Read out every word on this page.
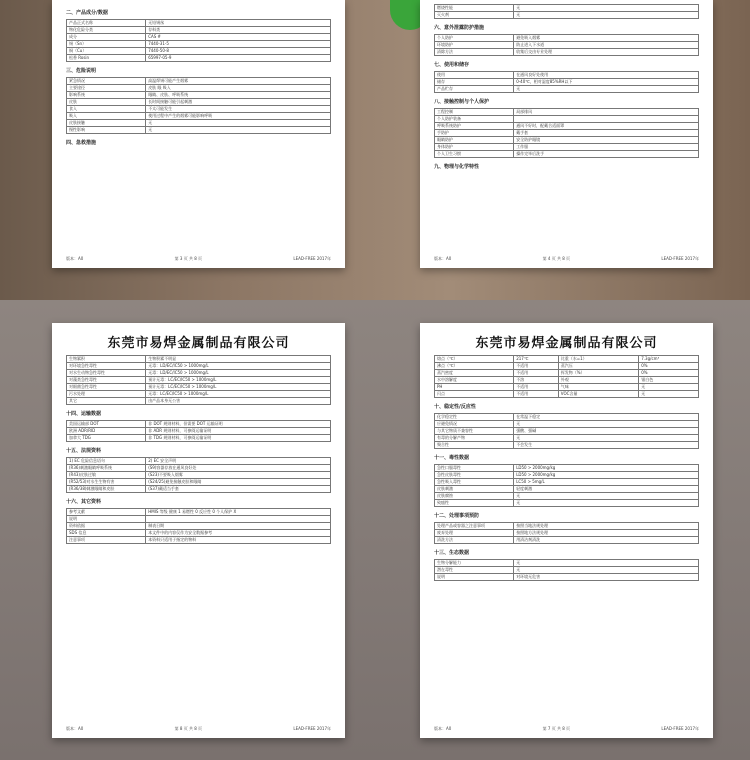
二、产品成分/数据
产品正式名称	无铅锡丝
物化危险分类	存料类
成分	CAS #
锡（Sn）	7440-31-5
铜（Cu）	7440-50-8
松香 Rosin	65997-05-9
三、危险说明
紧急情况	高温焊锡可能产生烟雾
主要途径	皮肤 眼 吸入
影响系统	眼睛、皮肤、呼吸系统
皮肤	长时间接触可能引起刺激
食入	不太可能发生
吸入	使用过程中产生的烟雾可能影响呼吸
皮肤接触	无
慢性影响	无
四、急救措施
版本：A0	第 3 页 共 8 页	LEAD-FREE 2017年
燃烧性能	无
灭火剂	无
六、意外泄露防护措施
个人防护	避免吸入烟雾
环境防护	防止进入下水道
清除方法	收集后交由专业处理
七、使用和储存
使用	在通风良好处使用
储存	0-40℃，相对湿度85%RH以下
产品贮存	无
八、接触控制与个人保护
工程控制	局部排风
个人防护装备	
呼吸系统防护	通风不好时，配戴合适面罩
手防护	戴手套
眼睛防护	安全防护眼镜
身体防护	工作服
个人卫生习惯	操作完毕后洗手
九、物理与化学特性
版本：A0	第 4 页 共 8 页	LEAD-FREE 2017年
东莞市易焊金属制品有限公司
生物累积	生物积累不明显
对环境急性毒性	无毒：LD/EC/IC50 > 1000mg/L
对水生动物急性毒性	无毒：LD/EC/IC50 > 1000mg/L
对藻类急性毒性	预计无毒：LC/EC/IC50 > 1000mg/L
对细菌急性毒性	预计无毒：LC/EC/IC50 > 1000mg/L
污水处理	无毒：LC/EC/IC50 > 1000mg/L
其它	由产品本身无公害
十四、运输数据
美国运输部 DOT	非 DOT 规则材料，但需要 DOT 运输证明
欧洲 ADR/RID	非 ADR 规则材料，可参阅运输证明
加拿大 TDG	非 TDG 规则材料，可参阅运输证明
十五、法规资料
1) EC 危险信息语句	2) EC 安全声明
(R36)刺激眼睛呼吸系统	(S9)容器存放在通风良好处
(R43)皮肤过敏	(S23)不要吸入烟雾
(R52/53)对水生生物有害	(S24/25)避免接触皮肤和眼睛
(R36/38)刺激眼睛和皮肤	(S37)戴适当手套
十六、其它资料
参考文献	HMIS 等级 健康 1 易燃性 0 反应性 0 个人保护 X
说明	
资料依据	制表日期
SDS 信息	本文件中的内容仅作为安全数据参考
注意事项	本资料只适用于指定的物料
版本：A0	第 8 页 共 8 页	LEAD-FREE 2017年
东莞市易焊金属制品有限公司
熔点（℃）	217℃	比重（水=1）	7.3g/cm³
沸点（℃）	不适用	蒸汽压	0%
蒸汽密度	不适用	挥发物（%）	0%
水中溶解度	不溶	外观	银白色
PH	不适用	气味	无
闪点	不适用	VOC含量	无
十、稳定性/反应性
化学稳定性	在常温下稳定
应避免情况	无
与其它物质不兼容性	强酸、强碱
有毒的分解产物	无
聚合性	不会发生
十一、毒性数据
急性口服毒性	LD50 > 2000mg/kg
急性皮肤毒性	LD50 > 2000mg/kg
急性吸入毒性	LC50 > 5mg/L
皮肤刺激	轻度刺激
皮肤腐蚀	无
致癌性	无
十二、处理事项预防
处理产品或容器之注意事项	按照当地法规处理
废弃处理	按照地方法规处理
清洗方法	用清洁剂清洗
十三、生态数据
生物分解能力	无
潜在毒性	无
说明	对环境无危害
版本：A0	第 7 页 共 8 页	LEAD-FREE 2017年
